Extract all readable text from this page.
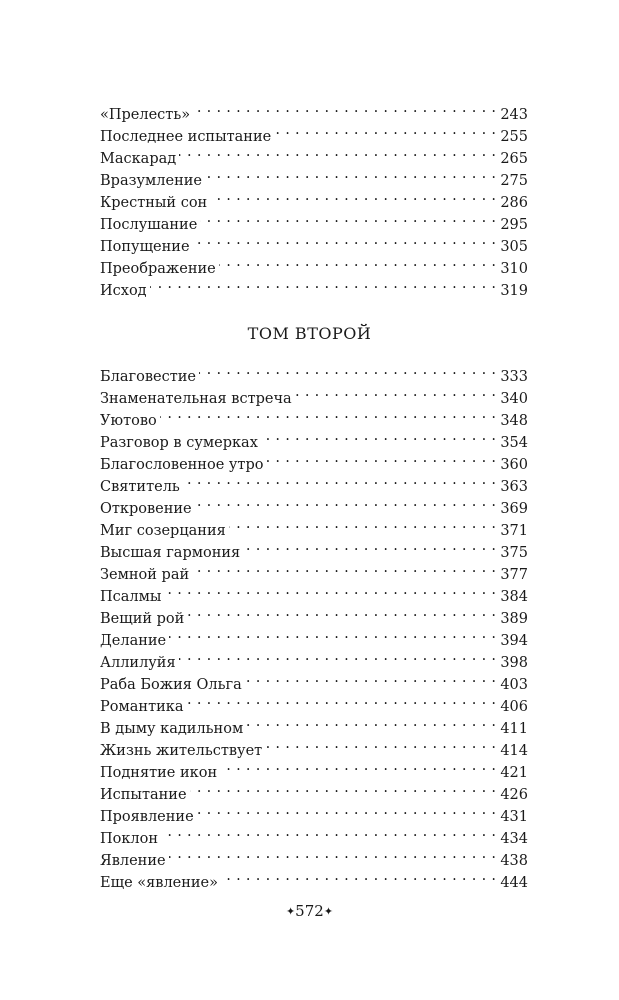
«Прелесть» . . .	243
Последнее испытание . . .	255
Маскарад . . .	265
Вразумление . . .	275
Крестный сон . . .	286
Послушание . . .	295
Попущение . . .	305
Преображение . . .	310
Исход . . .	319
ТОМ ВТОРОЙ
Благовестие . . .	333
Знаменательная встреча . . .	340
Уютово . . .	348
Разговор в сумерках . . .	354
Благословенное утро . . .	360
Святитель . . .	363
Откровение . . .	369
Миг созерцания . . .	371
Высшая гармония . . .	375
Земной рай . . .	377
Псалмы . . .	384
Вещий рой . . .	389
Делание . . .	394
Аллилуйя . . .	398
Раба Божия Ольга . . .	403
Романтика . . .	406
В дыму кадильном . . .	411
Жизнь жительствует . . .	414
Поднятие икон . . .	421
Испытание . . .	426
Проявление . . .	431
Поклон . . .	434
Явление . . .	438
Еще «явление» . . .	444
✦572✦
